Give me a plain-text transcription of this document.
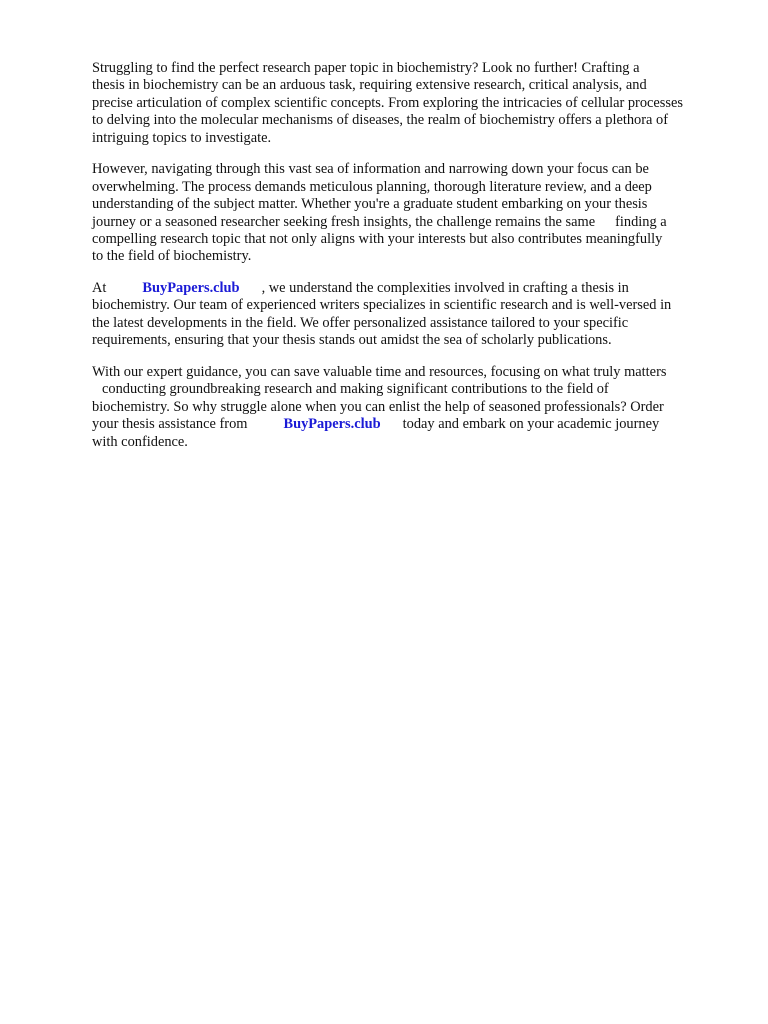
Struggling to find the perfect research paper topic in biochemistry? Look no further! Crafting a
thesis in biochemistry can be an arduous task, requiring extensive research, critical analysis, and
precise articulation of complex scientific concepts. From exploring the intricacies of cellular processes
to delving into the molecular mechanisms of diseases, the realm of biochemistry offers a plethora of
intriguing topics to investigate.

However, navigating through this vast sea of information and narrowing down your focus can be
overwhelming. The process demands meticulous planning, thorough literature review, and a deep
understanding of the subject matter. Whether you're a graduate student embarking on your thesis
journey or a seasoned researcher seeking fresh insights, the challenge remains the same finding a
compelling research topic that not only aligns with your interests but also contributes meaningfully
to the field of biochemistry.

At	BuyPapers.club , we understand the complexities involved in crafting a thesis in
biochemistry. Our team of experienced writers specializes in scientific research and is well-versed in
the latest developments in the field. We offer personalized assistance tailored to your specific
requirements, ensuring that your thesis stands out amidst the sea of scholarly publications.

With our expert guidance, you can save valuable time and resources, focusing on what truly matters
conducting groundbreaking research and making significant contributions to the field of
biochemistry. So why struggle alone when you can enlist the help of seasoned professionals? Order
your thesis assistance from	BuyPapers.club today and embark on your academic journey
with confidence.
